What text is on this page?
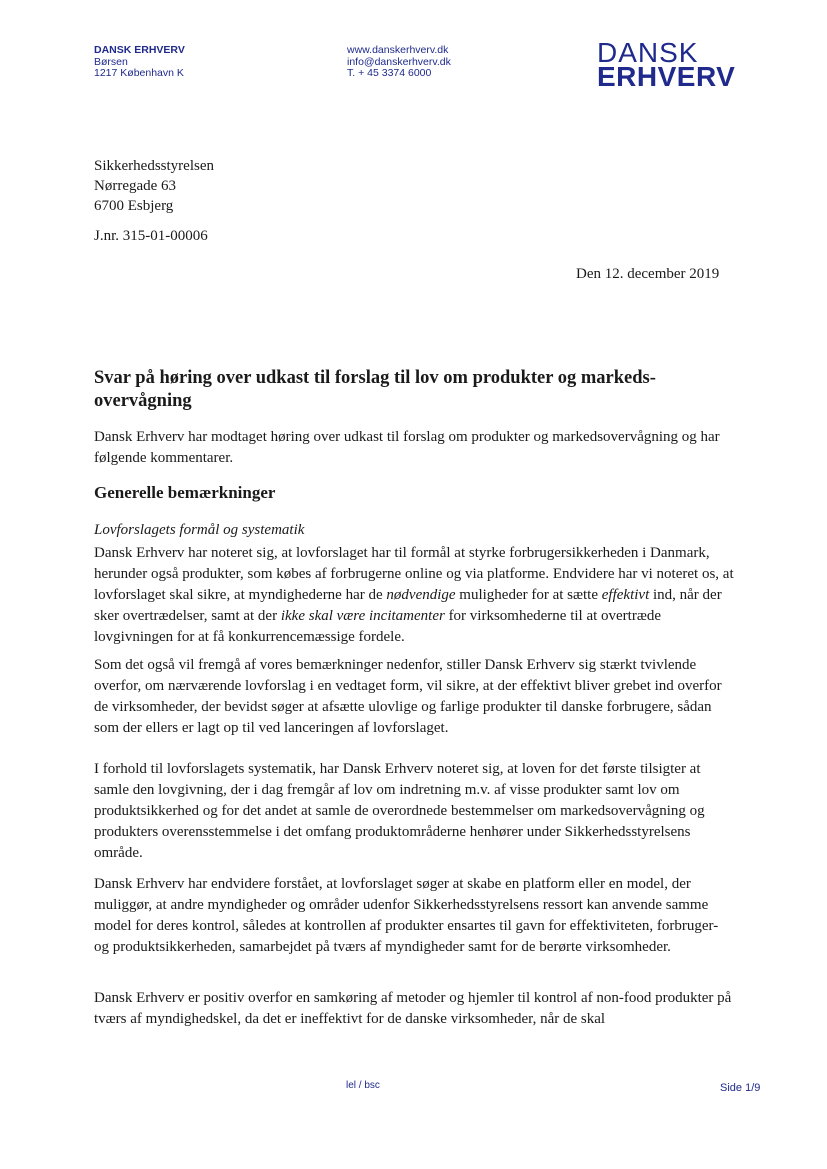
DANSK ERHVERV
Børsen
1217 København K
www.danskerhverv.dk
info@danskerhverv.dk
T. + 45 3374 6000
DANSK
ERHVERV
Sikkerhedsstyrelsen
Nørregade 63
6700 Esbjerg
J.nr. 315-01-00006
Den 12. december 2019
Svar på høring over udkast til forslag til lov om produkter og markeds-overvågning
Dansk Erhverv har modtaget høring over udkast til forslag om produkter og markedsovervågning og har følgende kommentarer.
Generelle bemærkninger
Lovforslagets formål og systematik
Dansk Erhverv har noteret sig, at lovforslaget har til formål at styrke forbrugersikkerheden i Danmark, herunder også produkter, som købes af forbrugerne online og via platforme. Endvidere har vi noteret os, at lovforslaget skal sikre, at myndighederne har de nødvendige muligheder for at sætte effektivt ind, når der sker overtrædelser, samt at der ikke skal være incitamenter for virksomhederne til at overtræde lovgivningen for at få konkurrencemæssige fordele.
Som det også vil fremgå af vores bemærkninger nedenfor, stiller Dansk Erhverv sig stærkt tvivlende overfor, om nærværende lovforslag i en vedtaget form, vil sikre, at der effektivt bliver grebet ind overfor de virksomheder, der bevidst søger at afsætte ulovlige og farlige produkter til danske forbrugere, sådan som der ellers er lagt op til ved lanceringen af lovforslaget.
I forhold til lovforslagets systematik, har Dansk Erhverv noteret sig, at loven for det første tilsigter at samle den lovgivning, der i dag fremgår af lov om indretning m.v. af visse produkter samt lov om produktsikkerhed og for det andet at samle de overordnede bestemmelser om markedsovervågning og produkters overensstemmelse i det omfang produktområderne henhører under Sikkerhedsstyrelsens område.
Dansk Erhverv har endvidere forstået, at lovforslaget søger at skabe en platform eller en model, der muliggør, at andre myndigheder og områder udenfor Sikkerhedsstyrelsens ressort kan anvende samme model for deres kontrol, således at kontrollen af produkter ensartes til gavn for effektiviteten, forbruger- og produktsikkerheden, samarbejdet på tværs af myndigheder samt for de berørte virksomheder.
Dansk Erhverv er positiv overfor en samkøring af metoder og hjemler til kontrol af non-food produkter på tværs af myndighedskel, da det er ineffektivt for de danske virksomheder, når de skal
lel / bsc	Side 1/9
